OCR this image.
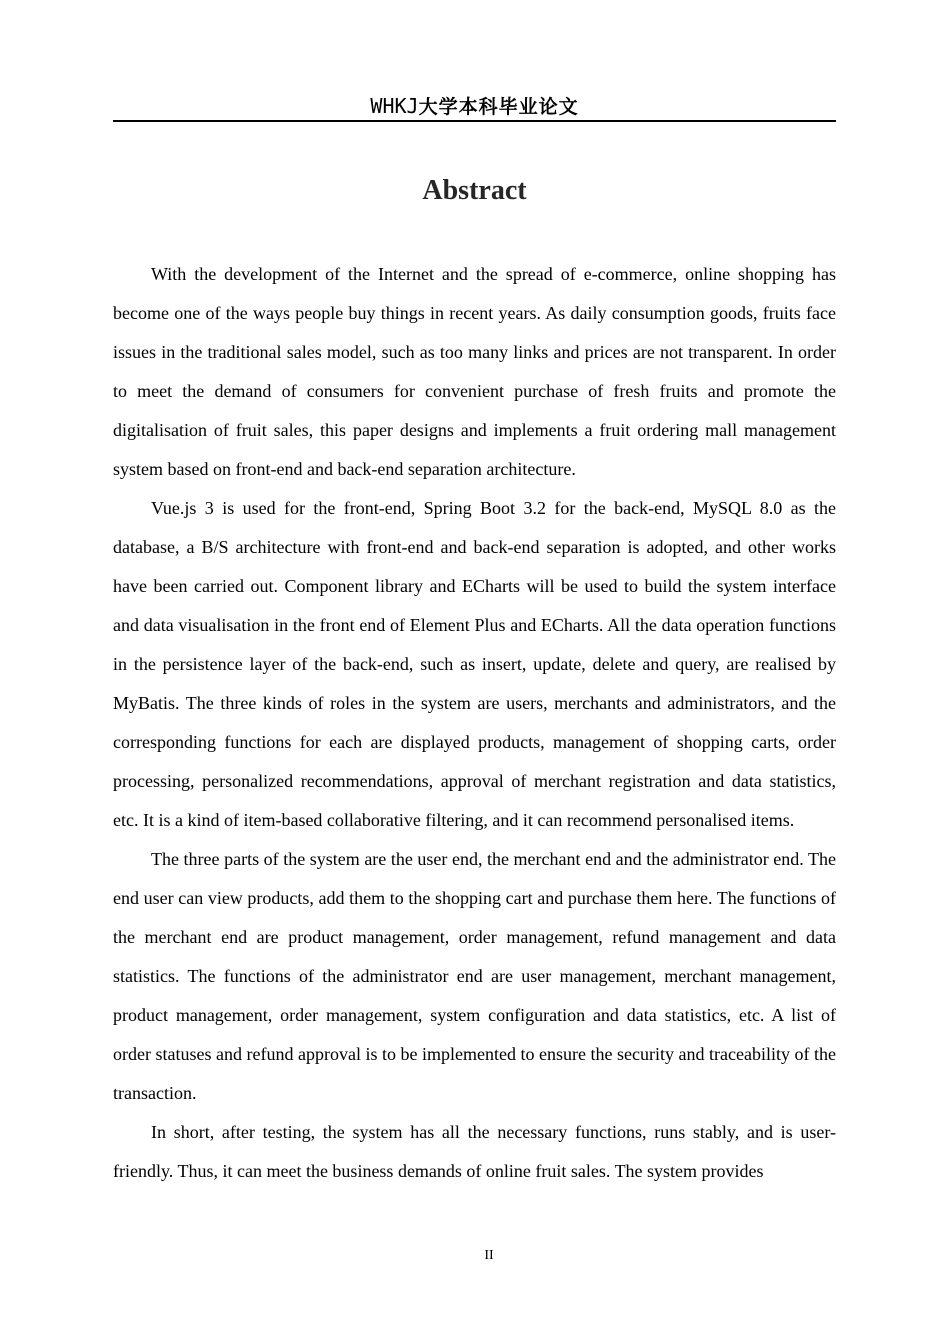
WHKJ大学本科毕业论文
Abstract

With the development of the Internet and the spread of e-commerce, online shopping has become one of the ways people buy things in recent years. As daily consumption goods, fruits face issues in the traditional sales model, such as too many links and prices are not transparent. In order to meet the demand of consumers for convenient purchase of fresh fruits and promote the digitalisation of fruit sales, this paper designs and implements a fruit ordering mall management system based on front-end and back-end separation architecture.

Vue.js 3 is used for the front-end, Spring Boot 3.2 for the back-end, MySQL 8.0 as the database, a B/S architecture with front-end and back-end separation is adopted, and other works have been carried out. Component library and ECharts will be used to build the system interface and data visualisation in the front end of Element Plus and ECharts. All the data operation functions in the persistence layer of the back-end, such as insert, update, delete and query, are realised by MyBatis. The three kinds of roles in the system are users, merchants and administrators, and the corresponding functions for each are displayed products, management of shopping carts, order processing, personalized recommendations, approval of merchant registration and data statistics, etc. It is a kind of item-based collaborative filtering, and it can recommend personalised items.

The three parts of the system are the user end, the merchant end and the administrator end. The end user can view products, add them to the shopping cart and purchase them here. The functions of the merchant end are product management, order management, refund management and data statistics. The functions of the administrator end are user management, merchant management, product management, order management, system configuration and data statistics, etc. A list of order statuses and refund approval is to be implemented to ensure the security and traceability of the transaction.

In short, after testing, the system has all the necessary functions, runs stably, and is user-friendly. Thus, it can meet the business demands of online fruit sales. The system provides

II
